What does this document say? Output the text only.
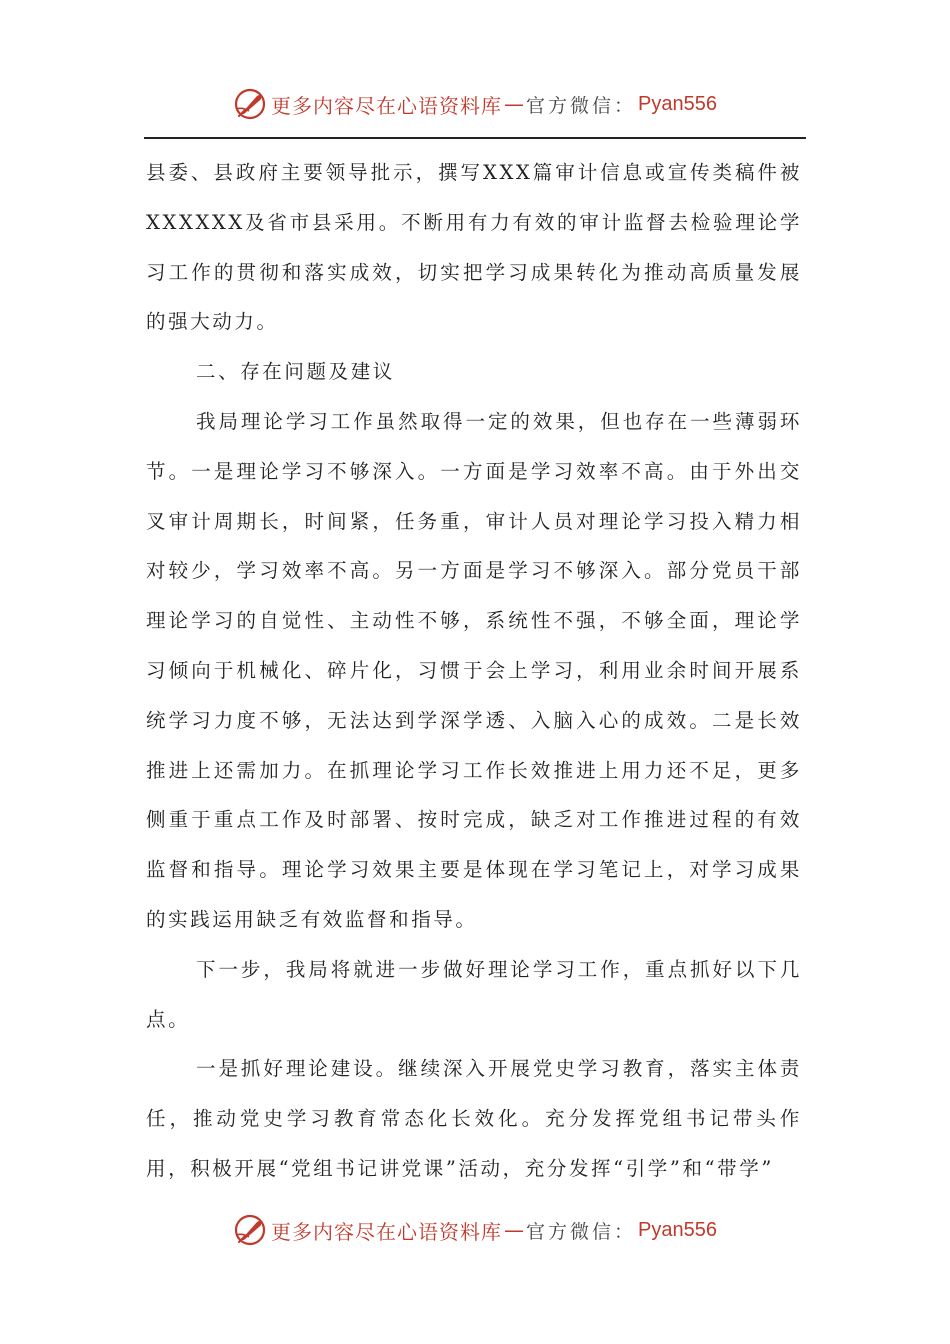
更多内容尽在心语资料库 — 官方微信： Pyan556

县委、县政府主要领导批示，撰写XXX篇审计信息或宣传类稿件被XXXXXX及省市县采用。不断用有力有效的审计监督去检验理论学习工作的贯彻和落实成效，切实把学习成果转化为推动高质量发展的强大动力。

二、存在问题及建议

我局理论学习工作虽然取得一定的效果，但也存在一些薄弱环节。一是理论学习不够深入。一方面是学习效率不高。由于外出交叉审计周期长，时间紧，任务重，审计人员对理论学习投入精力相对较少，学习效率不高。另一方面是学习不够深入。部分党员干部理论学习的自觉性、主动性不够，系统性不强，不够全面，理论学习倾向于机械化、碎片化，习惯于会上学习，利用业余时间开展系统学习力度不够，无法达到学深学透、入脑入心的成效。二是长效推进上还需加力。在抓理论学习工作长效推进上用力还不足，更多侧重于重点工作及时部署、按时完成，缺乏对工作推进过程的有效监督和指导。理论学习效果主要是体现在学习笔记上，对学习成果的实践运用缺乏有效监督和指导。

下一步，我局将就进一步做好理论学习工作，重点抓好以下几点。

一是抓好理论建设。继续深入开展党史学习教育，落实主体责任，推动党史学习教育常态化长效化。充分发挥党组书记带头作用，积极开展“党组书记讲党课”活动，充分发挥“引学”和“带学”

更多内容尽在心语资料库 — 官方微信： Pyan556
